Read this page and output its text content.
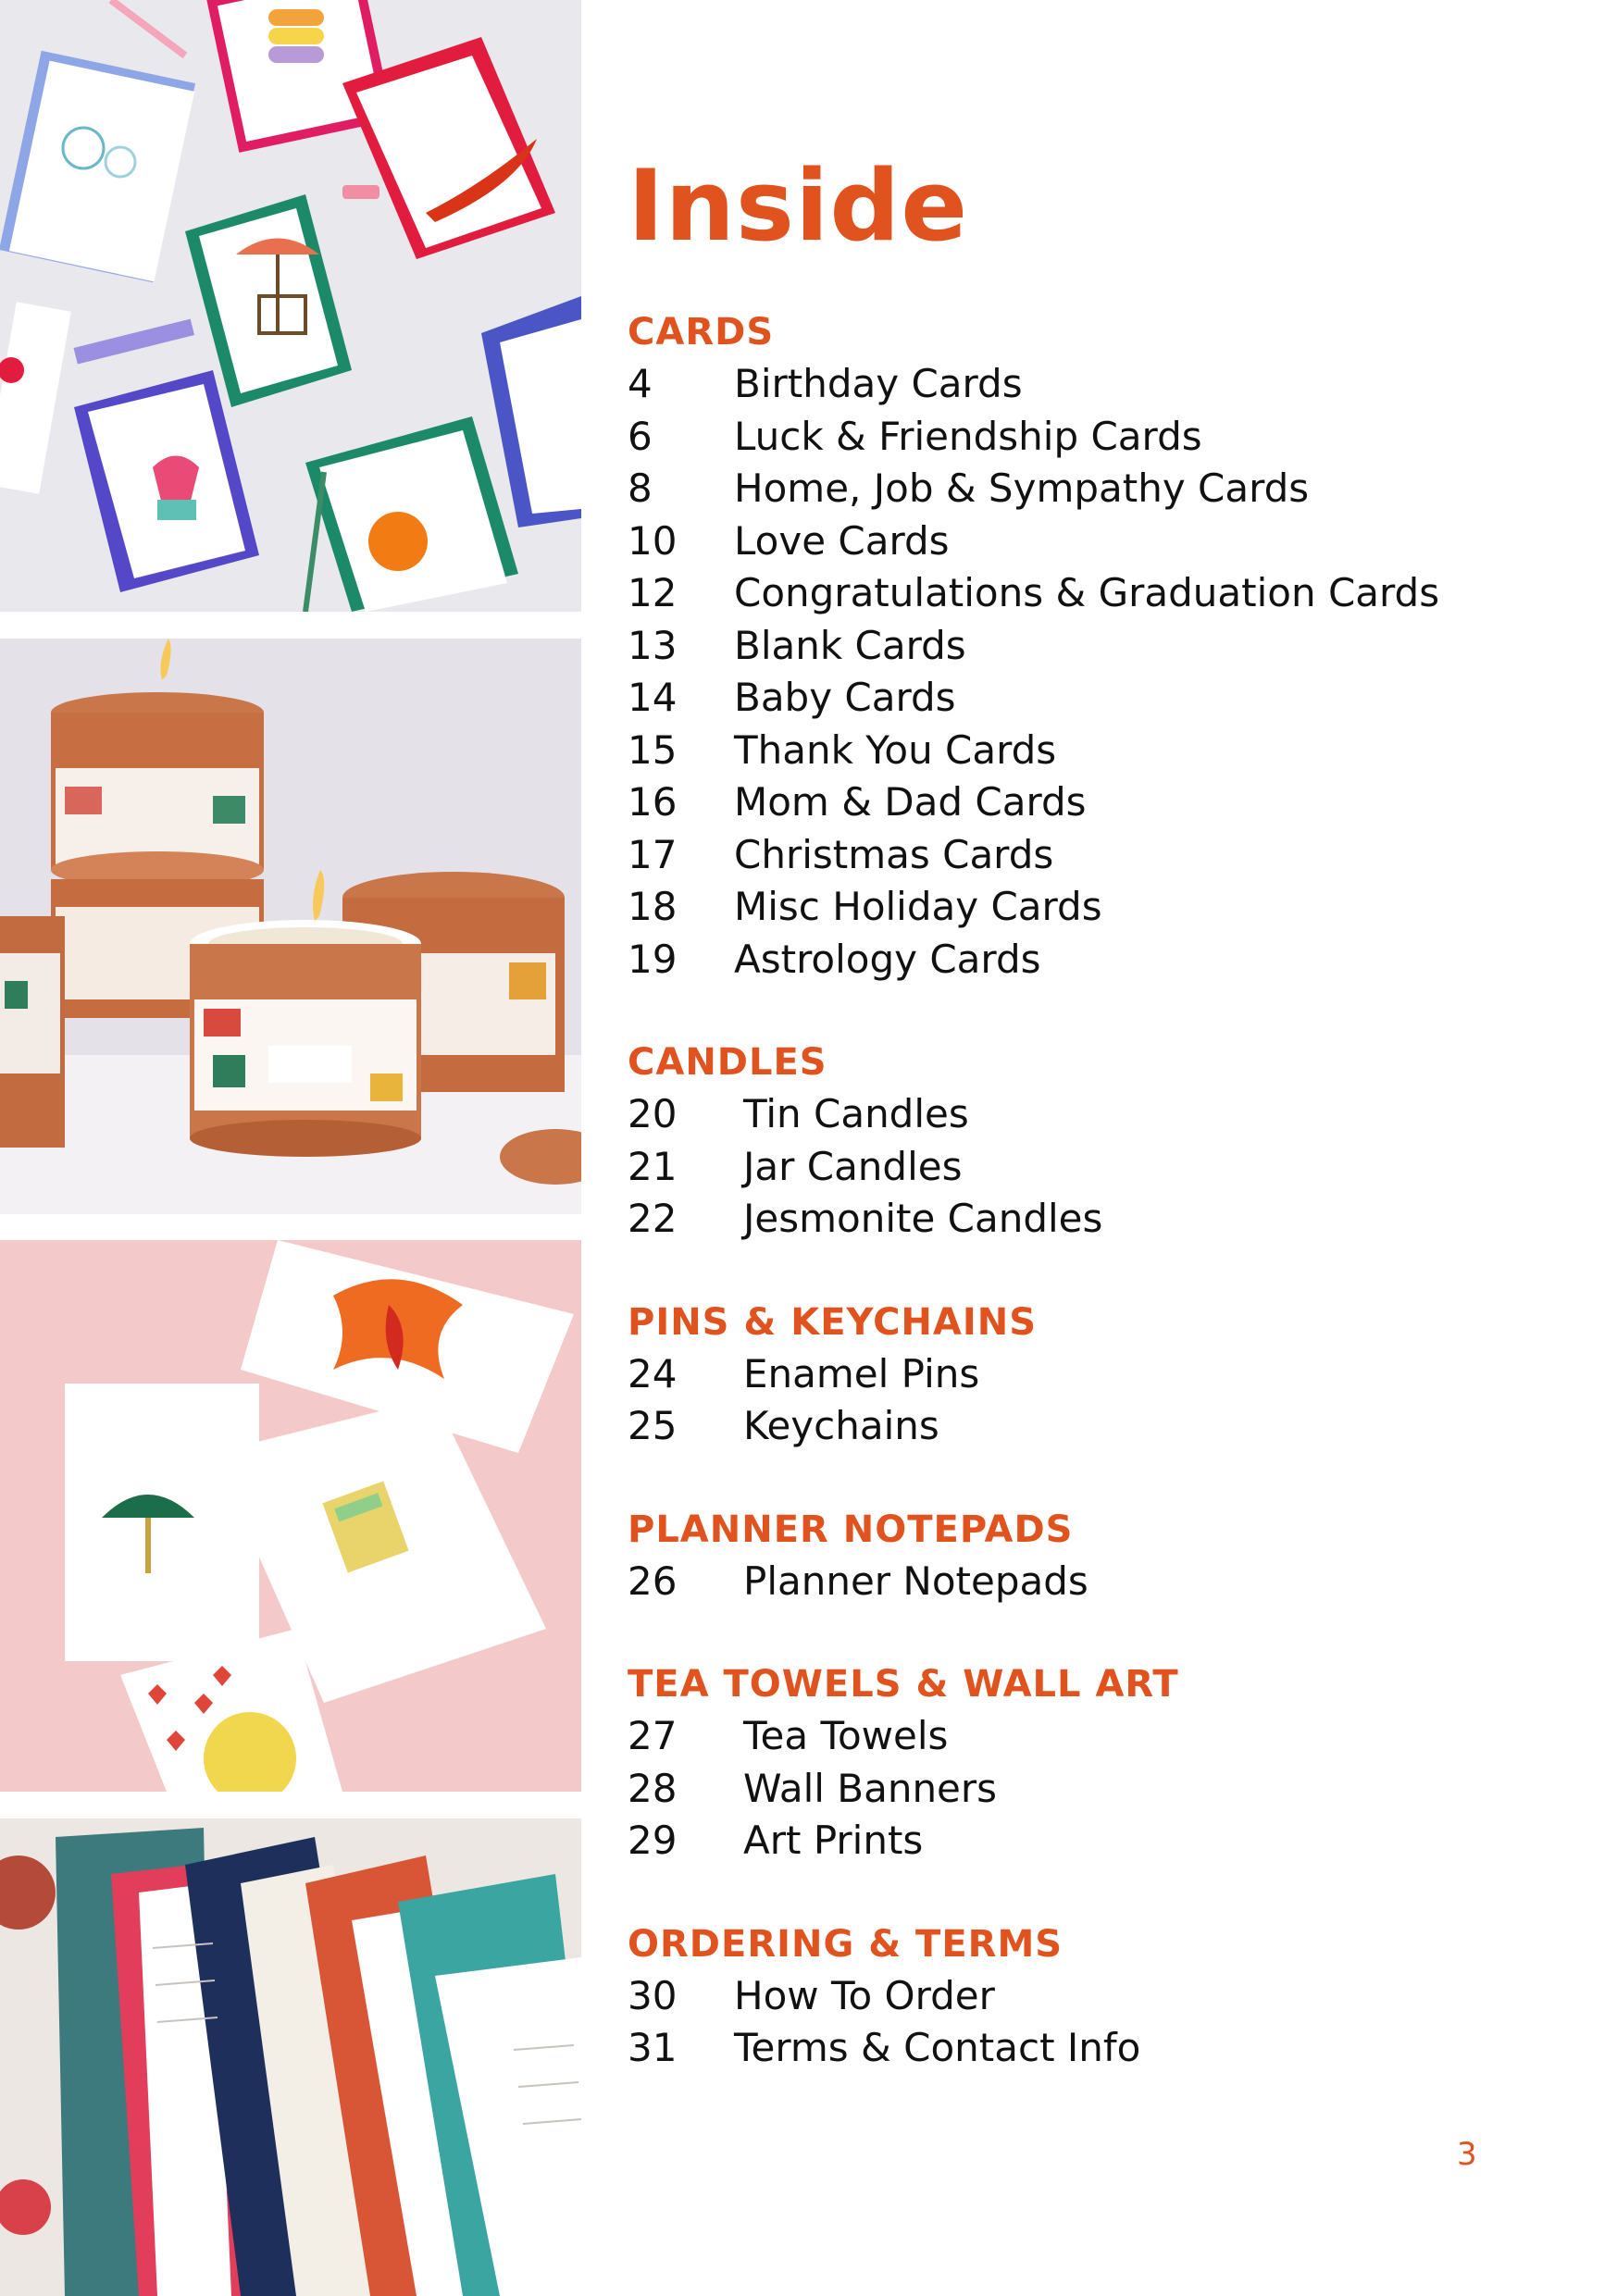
Inside
CARDS
4 Birthday Cards
6 Luck & Friendship Cards
8 Home, Job & Sympathy Cards
10 Love Cards
12 Congratulations & Graduation Cards
13 Blank Cards
14 Baby Cards
15 Thank You Cards
16 Mom & Dad Cards
17 Christmas Cards
18 Misc Holiday Cards
19 Astrology Cards
CANDLES
20 Tin Candles
21 Jar Candles
22 Jesmonite Candles
PINS & KEYCHAINS
24 Enamel Pins
25 Keychains
PLANNER NOTEPADS
26 Planner Notepads
TEA TOWELS & WALL ART
27 Tea Towels
28 Wall Banners
29 Art Prints
ORDERING & TERMS
30 How To Order
31 Terms & Contact Info
3
